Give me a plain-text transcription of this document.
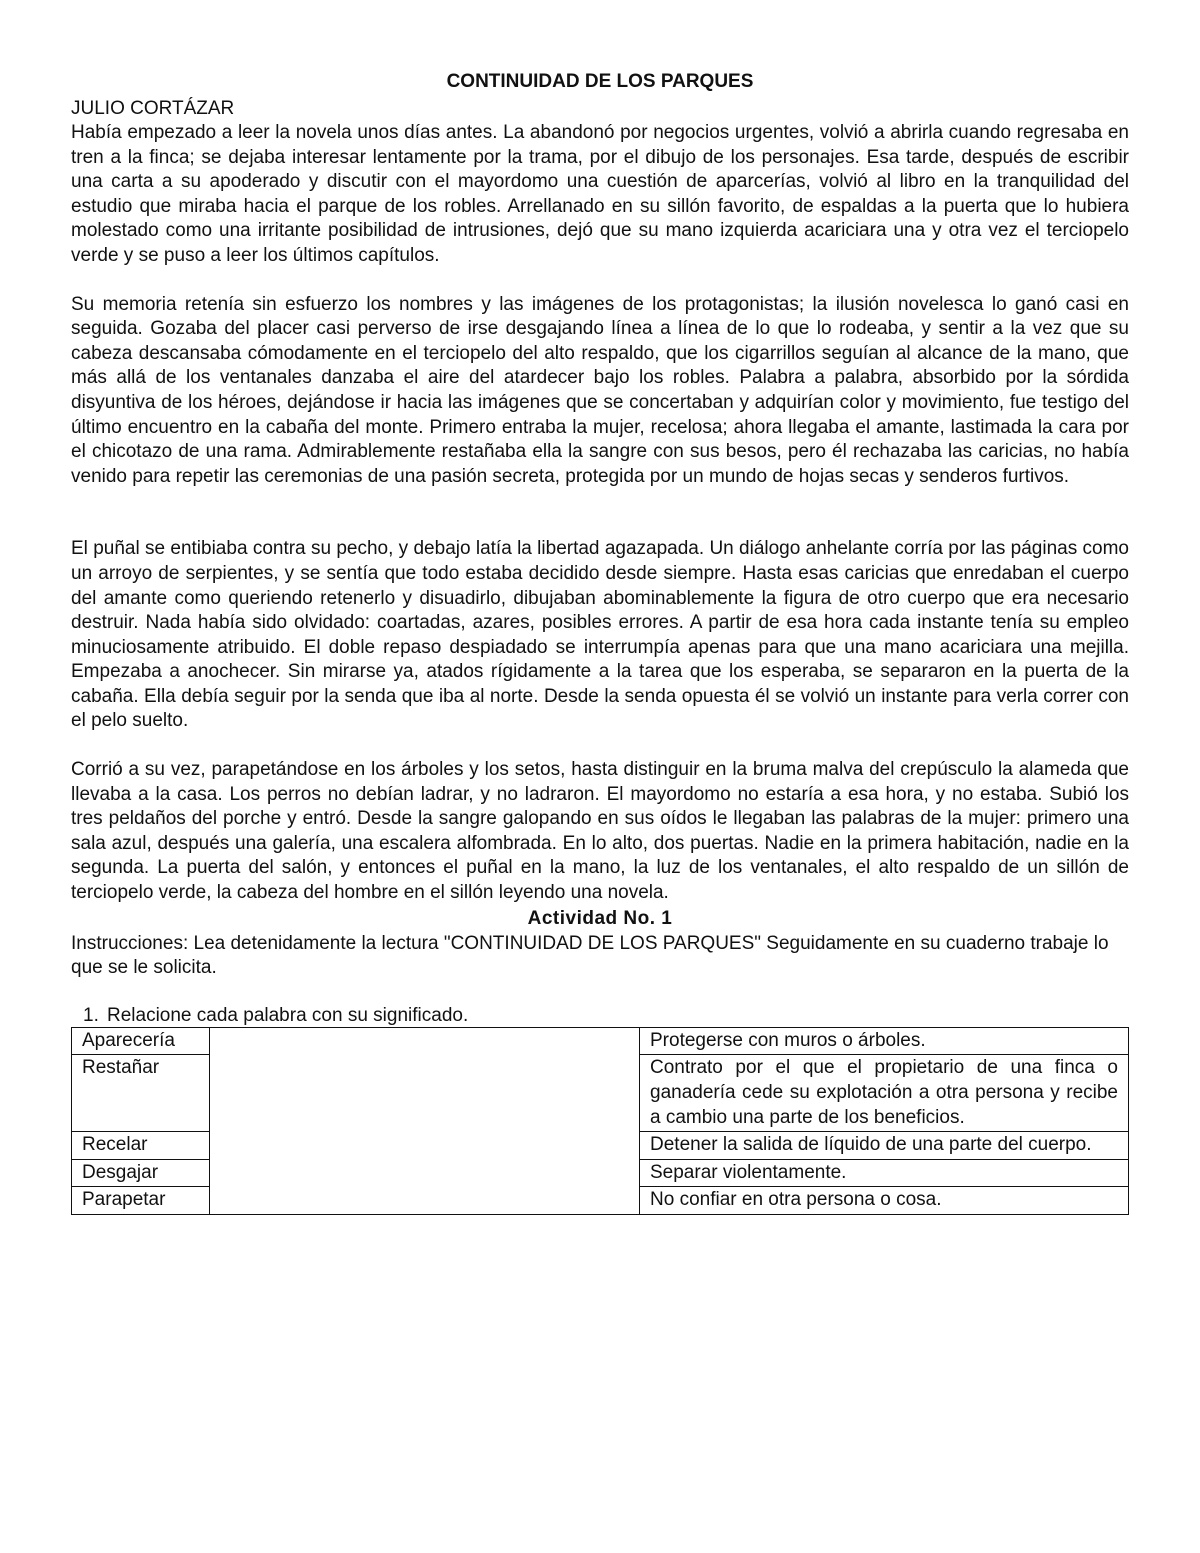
CONTINUIDAD DE LOS PARQUES

JULIO CORTÁZAR

Había empezado a leer la novela unos días antes. La abandonó por negocios urgentes, volvió a abrirla cuando regresaba en tren a la finca; se dejaba interesar lentamente por la trama, por el dibujo de los personajes. Esa tarde, después de escribir una carta a su apoderado y discutir con el mayordomo una cuestión de aparcerías, volvió al libro en la tranquilidad del estudio que miraba hacia el parque de los robles. Arrellanado en su sillón favorito, de espaldas a la puerta que lo hubiera molestado como una irritante posibilidad de intrusiones, dejó que su mano izquierda acariciara una y otra vez el terciopelo verde y se puso a leer los últimos capítulos.

Su memoria retenía sin esfuerzo los nombres y las imágenes de los protagonistas; la ilusión novelesca lo ganó casi en seguida. Gozaba del placer casi perverso de irse desgajando línea a línea de lo que lo rodeaba, y sentir a la vez que su cabeza descansaba cómodamente en el terciopelo del alto respaldo, que los cigarrillos seguían al alcance de la mano, que más allá de los ventanales danzaba el aire del atardecer bajo los robles. Palabra a palabra, absorbido por la sórdida disyuntiva de los héroes, dejándose ir hacia las imágenes que se concertaban y adquirían color y movimiento, fue testigo del último encuentro en la cabaña del monte. Primero entraba la mujer, recelosa; ahora llegaba el amante, lastimada la cara por el chicotazo de una rama. Admirablemente restañaba ella la sangre con sus besos, pero él rechazaba las caricias, no había venido para repetir las ceremonias de una pasión secreta, protegida por un mundo de hojas secas y senderos furtivos.

El puñal se entibiaba contra su pecho, y debajo latía la libertad agazapada. Un diálogo anhelante corría por las páginas como un arroyo de serpientes, y se sentía que todo estaba decidido desde siempre. Hasta esas caricias que enredaban el cuerpo del amante como queriendo retenerlo y disuadirlo, dibujaban abominablemente la figura de otro cuerpo que era necesario destruir. Nada había sido olvidado: coartadas, azares, posibles errores. A partir de esa hora cada instante tenía su empleo minuciosamente atribuido. El doble repaso despiadado se interrumpía apenas para que una mano acariciara una mejilla. Empezaba a anochecer. Sin mirarse ya, atados rígidamente a la tarea que los esperaba, se separaron en la puerta de la cabaña. Ella debía seguir por la senda que iba al norte. Desde la senda opuesta él se volvió un instante para verla correr con el pelo suelto.

Corrió a su vez, parapetándose en los árboles y los setos, hasta distinguir en la bruma malva del crepúsculo la alameda que llevaba a la casa. Los perros no debían ladrar, y no ladraron. El mayordomo no estaría a esa hora, y no estaba. Subió los tres peldaños del porche y entró. Desde la sangre galopando en sus oídos le llegaban las palabras de la mujer: primero una sala azul, después una galería, una escalera alfombrada. En lo alto, dos puertas. Nadie en la primera habitación, nadie en la segunda. La puerta del salón, y entonces el puñal en la mano, la luz de los ventanales, el alto respaldo de un sillón de terciopelo verde, la cabeza del hombre en el sillón leyendo una novela.

Actividad No. 1

Instrucciones: Lea detenidamente la lectura "CONTINUIDAD DE LOS PARQUES" Seguidamente en su cuaderno trabaje lo que se le solicita.

1. Relacione cada palabra con su significado.
Aparecería		Protegerse con muros o árboles.
Restañar		Contrato por el que el propietario de una finca o ganadería cede su explotación a otra persona y recibe a cambio una parte de los beneficios.
Recelar		Detener la salida de líquido de una parte del cuerpo.
Desgajar		Separar violentamente.
Parapetar		No confiar en otra persona o cosa.
